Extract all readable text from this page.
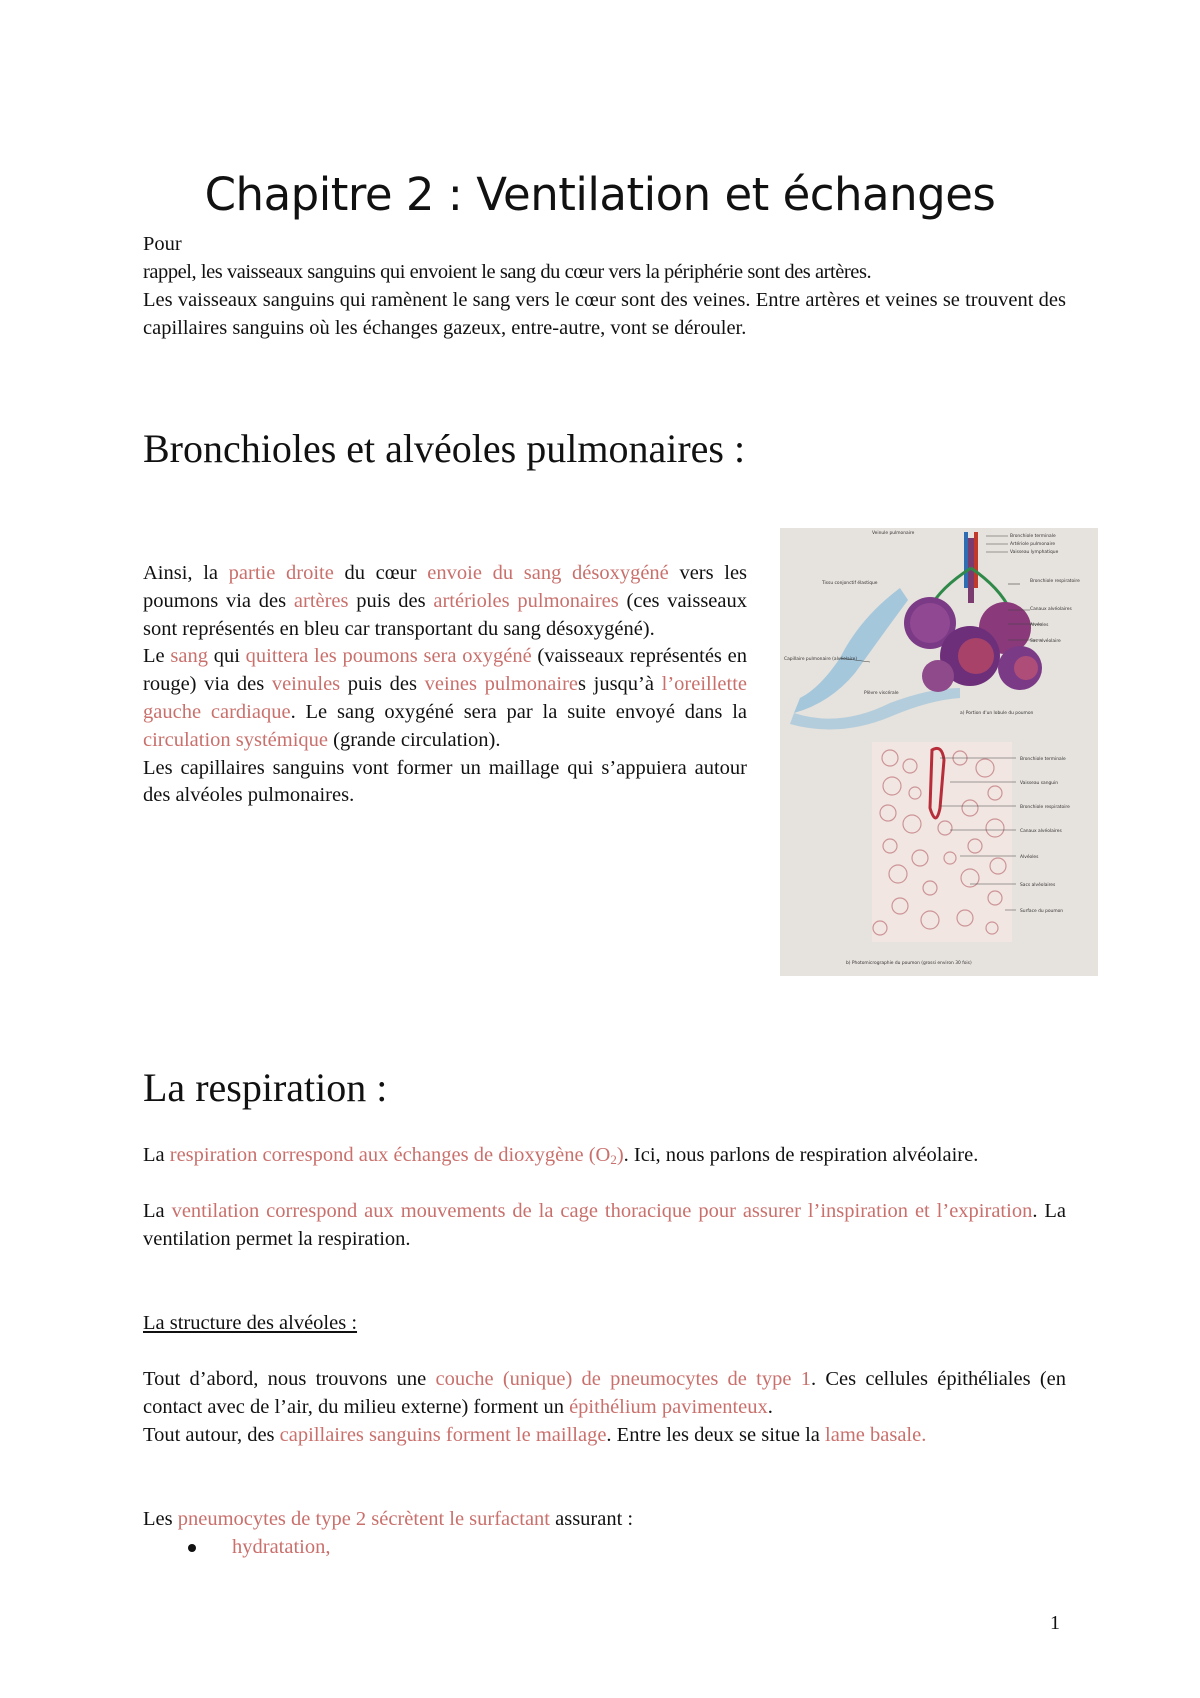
Chapitre 2 : Ventilation et échanges
Pour
rappel, les vaisseaux sanguins qui envoient le sang du cœur vers la périphérie sont des artères.
Les vaisseaux sanguins qui ramènent le sang vers le cœur sont des veines. Entre artères et veines se trouvent des capillaires sanguins où les échanges gazeux, entre-autre, vont se dérouler.
Bronchioles et alvéoles pulmonaires :
Ainsi, la partie droite du cœur envoie du sang désoxygéné vers les poumons via des artères puis des artérioles pulmonaires (ces vaisseaux sont représentés en bleu car transportant du sang désoxygéné).
Le sang qui quittera les poumons sera oxygéné (vaisseaux représentés en rouge) via des veinules puis des veines pulmonaires jusqu’à l’oreillette gauche cardiaque. Le sang oxygéné sera par la suite envoyé dans la circulation systémique (grande circulation).
Les capillaires sanguins vont former un maillage qui s’appuiera autour des alvéoles pulmonaires.
Veinule pulmonaire
Bronchiole terminale
Artériole pulmonaire
Vaisseau lymphatique
Tissu conjonctif élastique	Bronchiole respiratoire
Canaux alvéolaires
Alvéoles
Sac alvéolaire
Capillaire pulmonaire (alvéolaire)
Plèvre viscérale
a) Portion d'un lobule du poumon
Bronchiole terminale
Vaisseau sanguin
Bronchiole respiratoire
Canaux alvéolaires
Alvéoles
Sacs alvéolaires
Surface du poumon
b) Photomicrographie du poumon (grossi environ 30 fois)
La respiration :
La respiration correspond aux échanges de dioxygène $(O_2)$. Ici, nous parlons de respiration alvéolaire.
La ventilation correspond aux mouvements de la cage thoracique pour assurer l’inspiration et l’expiration. La ventilation permet la respiration.
La structure des alvéoles :
Tout d’abord, nous trouvons une couche (unique) de pneumocytes de type 1. Ces cellules épithéliales (en contact avec de l’air, du milieu externe) forment un épithélium pavimenteux.
Tout autour, des capillaires sanguins forment le maillage. Entre les deux se situe la lame basale.
Les pneumocytes de type 2 sécrètent le surfactant assurant :
hydratation,
1
